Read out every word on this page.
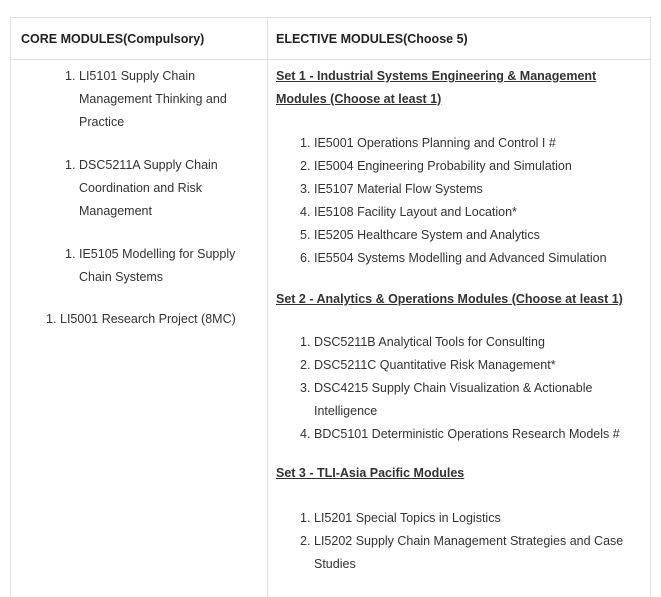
CORE MODULES(Compulsory)	ELECTIVE MODULES(Choose 5)
1. LI5101 Supply Chain
Management Thinking and
Practice
1. DSC5211A Supply Chain
Coordination and Risk
Management
1. IE5105 Modelling for Supply
Chain Systems
1. LI5001 Research Project (8MC)
Set 1 - Industrial Systems Engineering & Management
Modules (Choose at least 1)
1. IE5001 Operations Planning and Control I #
2. IE5004 Engineering Probability and Simulation
3. IE5107 Material Flow Systems
4. IE5108 Facility Layout and Location*
5. IE5205 Healthcare System and Analytics
6. IE5504 Systems Modelling and Advanced Simulation
Set 2 - Analytics & Operations Modules (Choose at least 1)
1. DSC5211B Analytical Tools for Consulting
2. DSC5211C Quantitative Risk Management*
3. DSC4215 Supply Chain Visualization & Actionable
Intelligence
4. BDC5101 Deterministic Operations Research Models #
Set 3 - TLI-Asia Pacific Modules
1. LI5201 Special Topics in Logistics
2. LI5202 Supply Chain Management Strategies and Case
Studies
